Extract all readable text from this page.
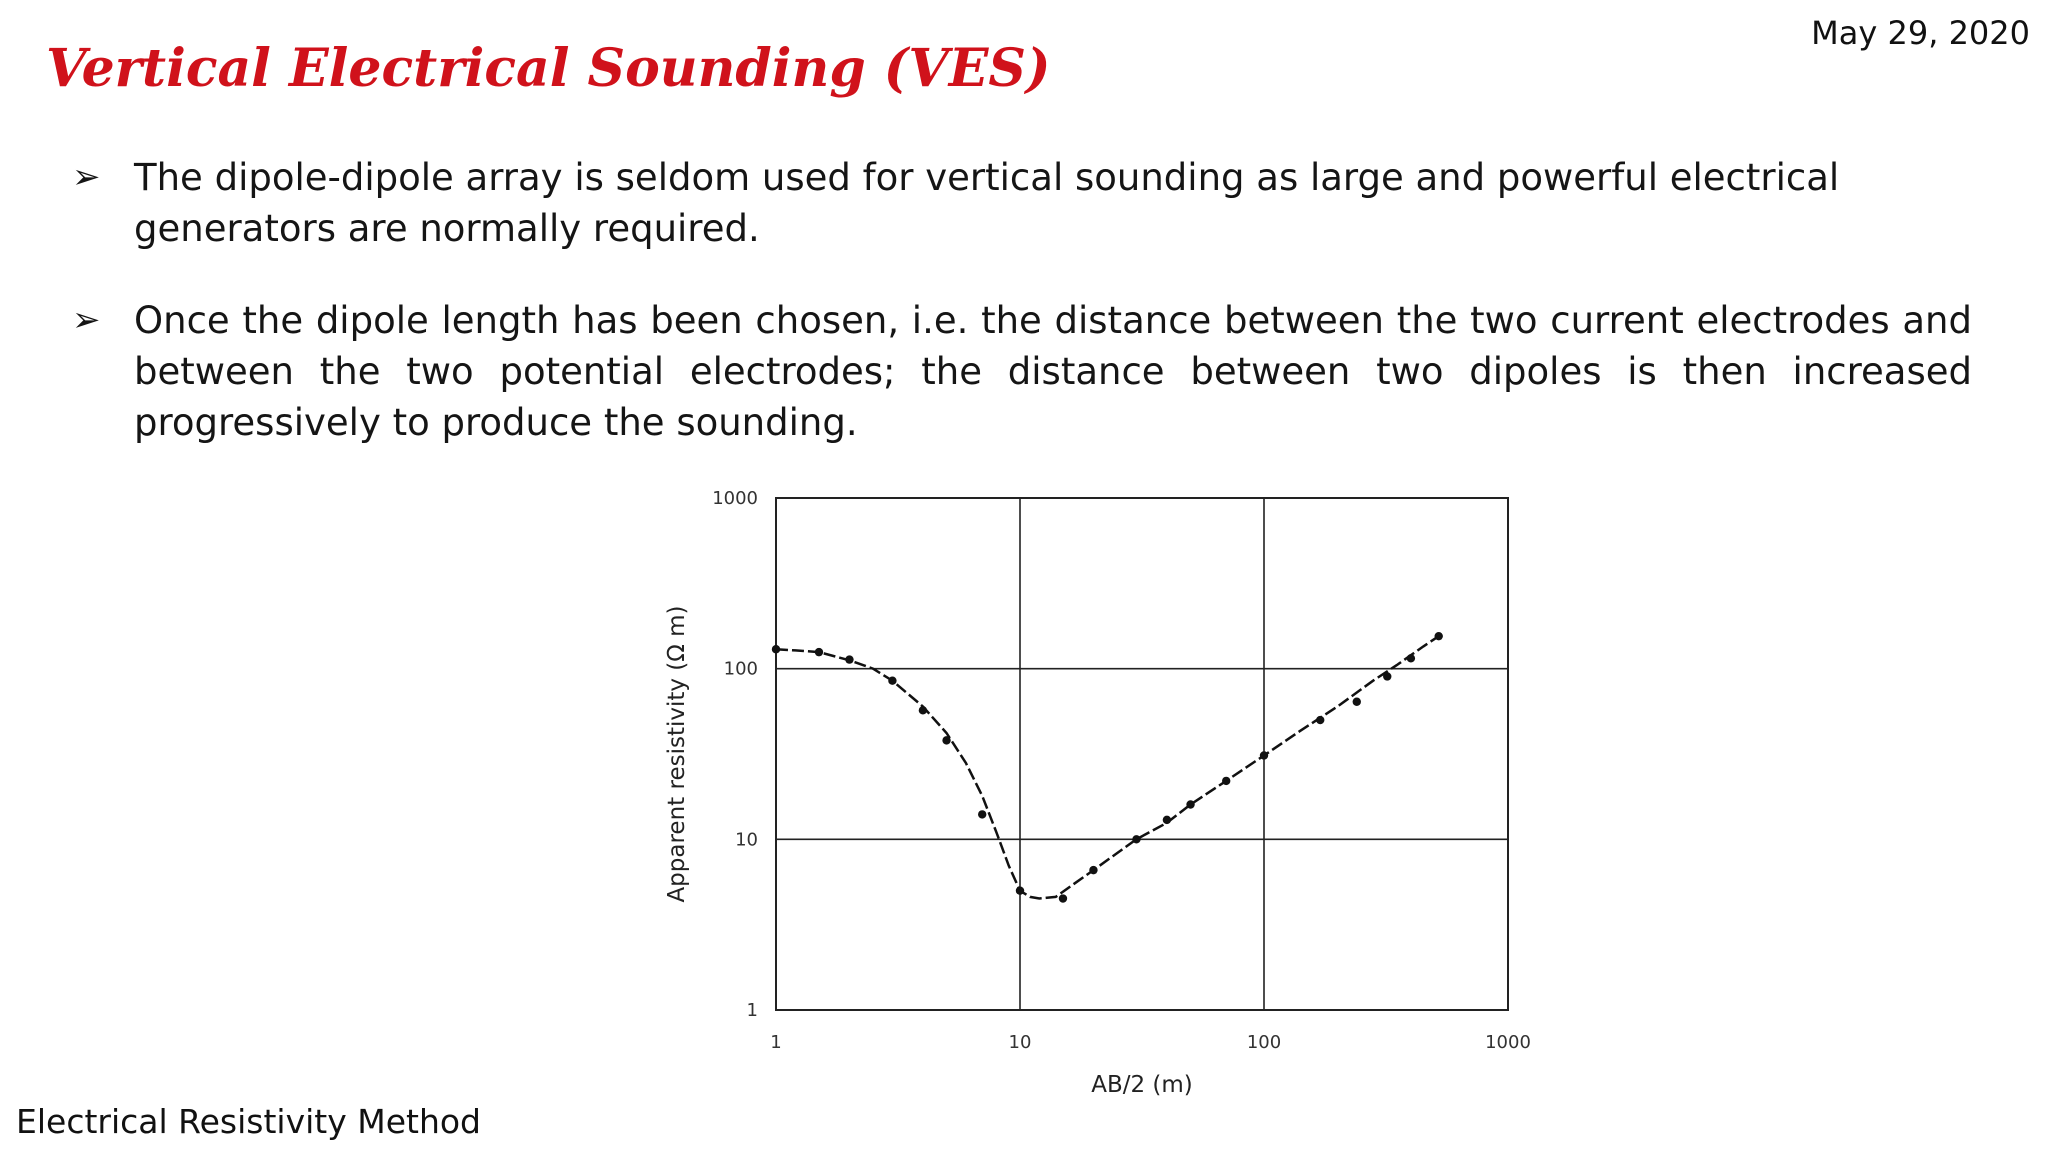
May 29, 2020
Vertical Electrical Sounding (VES)
➢ The dipole-dipole array is seldom used for vertical sounding as large and powerful electrical generators are normally required.
➢ Once the dipole length has been chosen, i.e. the distance between the two current electrodes and between the two potential electrodes; the distance between two dipoles is then increased progressively to produce the sounding.
1
1
10
10
100
100
1000
1000
AB/2 (m)
Apparent resistivity (Ω m)
Electrical Resistivity Method
